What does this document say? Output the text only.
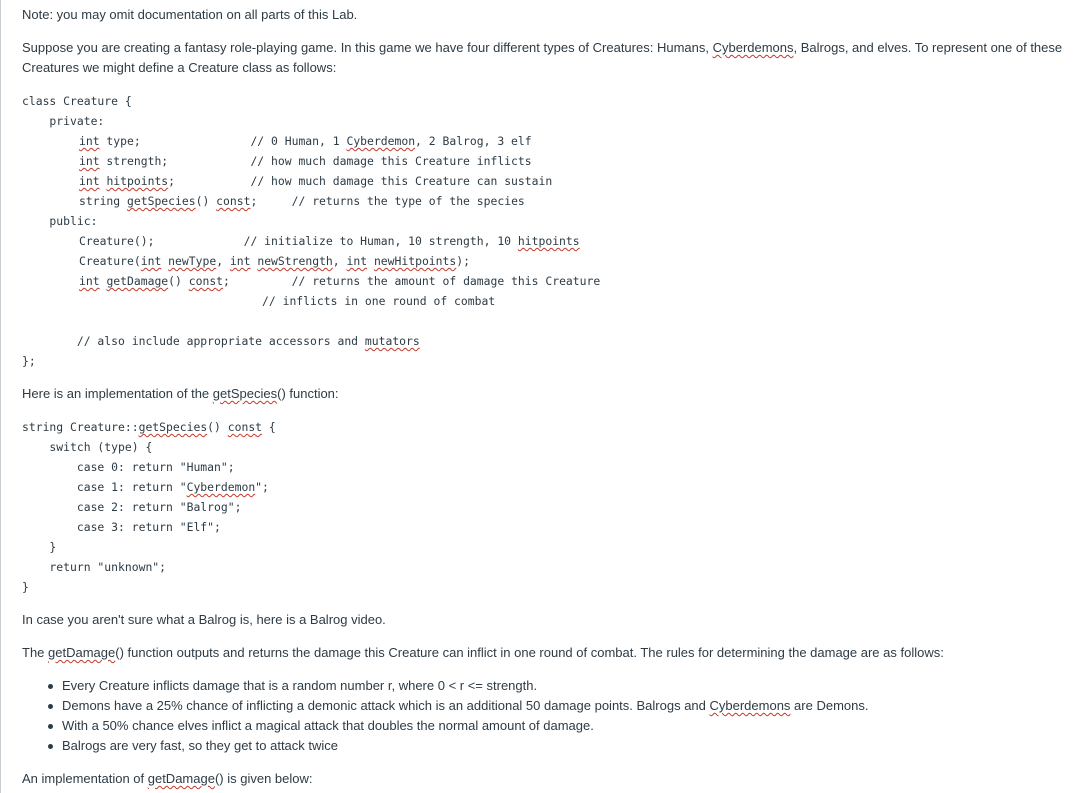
Note: you may omit documentation on all parts of this Lab.

Suppose you are creating a fantasy role-playing game. In this game we have four different types of Creatures: Humans, Cyberdemons, Balrogs, and elves. To represent one of these

Creatures we might define a Creature class as follows:

class Creature {
private:
int type;                // 0 Human, 1 Cyberdemon, 2 Balrog, 3 elf
int strength;            // how much damage this Creature inflicts
int hitpoints;           // how much damage this Creature can sustain
string getSpecies() const;     // returns the type of the species
public:
Creature();             // initialize to Human, 10 strength, 10 hitpoints
Creature(int newType, int newStrength, int newHitpoints);
int getDamage() const;         // returns the amount of damage this Creature
// inflicts in one round of combat
// also include appropriate accessors and mutators
};

Here is an implementation of the getSpecies() function:

string Creature::getSpecies() const {
switch (type) {
case 0: return "Human";
case 1: return "Cyberdemon";
case 2: return "Balrog";
case 3: return "Elf";
}
return "unknown";
}

In case you aren't sure what a Balrog is, here is a Balrog video.

The getDamage() function outputs and returns the damage this Creature can inflict in one round of combat. The rules for determining the damage are as follows:

Every Creature inflicts damage that is a random number r, where 0 < r <= strength.
Demons have a 25% chance of inflicting a demonic attack which is an additional 50 damage points. Balrogs and Cyberdemons are Demons.
With a 50% chance elves inflict a magical attack that doubles the normal amount of damage.
Balrogs are very fast, so they get to attack twice

An implementation of getDamage() is given below:
